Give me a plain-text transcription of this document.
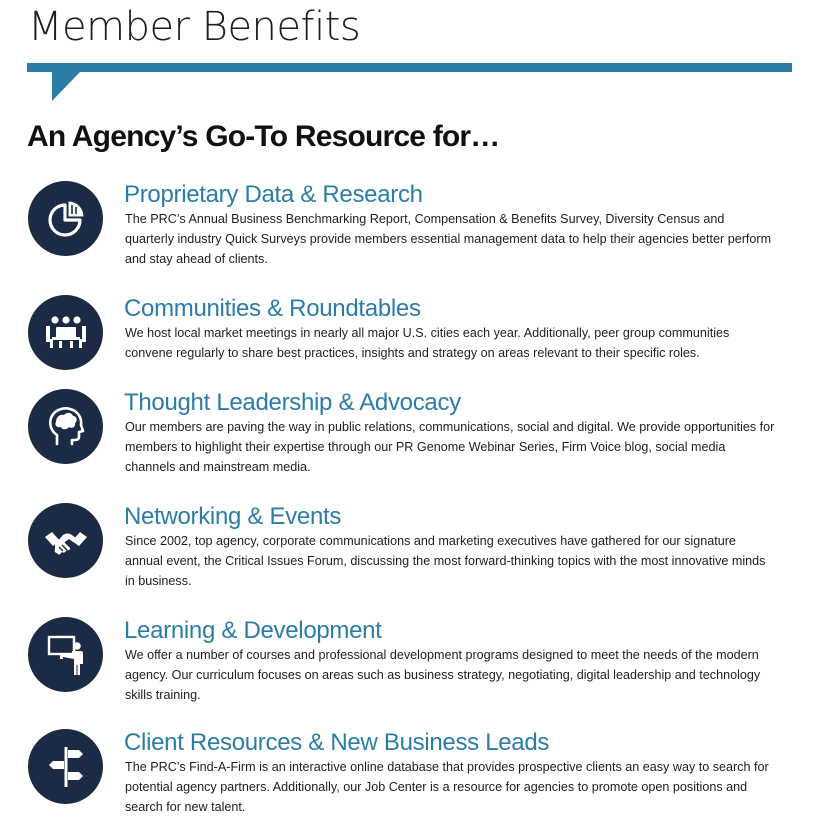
Member Benefits
An Agency’s Go-To Resource for…
Proprietary Data & Research

The PRC’s Annual Business Benchmarking Report, Compensation & Benefits Survey, Diversity Census and quarterly industry Quick Surveys provide members essential management data to help their agencies better perform and stay ahead of clients.

Communities & Roundtables

We host local market meetings in nearly all major U.S. cities each year. Additionally, peer group communities convene regularly to share best practices, insights and strategy on areas relevant to their specific roles.

Thought Leadership & Advocacy

Our members are paving the way in public relations, communications, social and digital. We provide opportunities for members to highlight their expertise through our PR Genome Webinar Series, Firm Voice blog, social media channels and mainstream media.

Networking & Events

Since 2002, top agency, corporate communications and marketing executives have gathered for our signature annual event, the Critical Issues Forum, discussing the most forward-thinking topics with the most innovative minds in business.

Learning & Development

We offer a number of courses and professional development programs designed to meet the needs of the modern agency. Our curriculum focuses on areas such as business strategy, negotiating, digital leadership and technology skills training.

Client Resources & New Business Leads

The PRC’s Find-A-Firm is an interactive online database that provides prospective clients an easy way to search for potential agency partners. Additionally, our Job Center is a resource for agencies to promote open positions and search for new talent.
